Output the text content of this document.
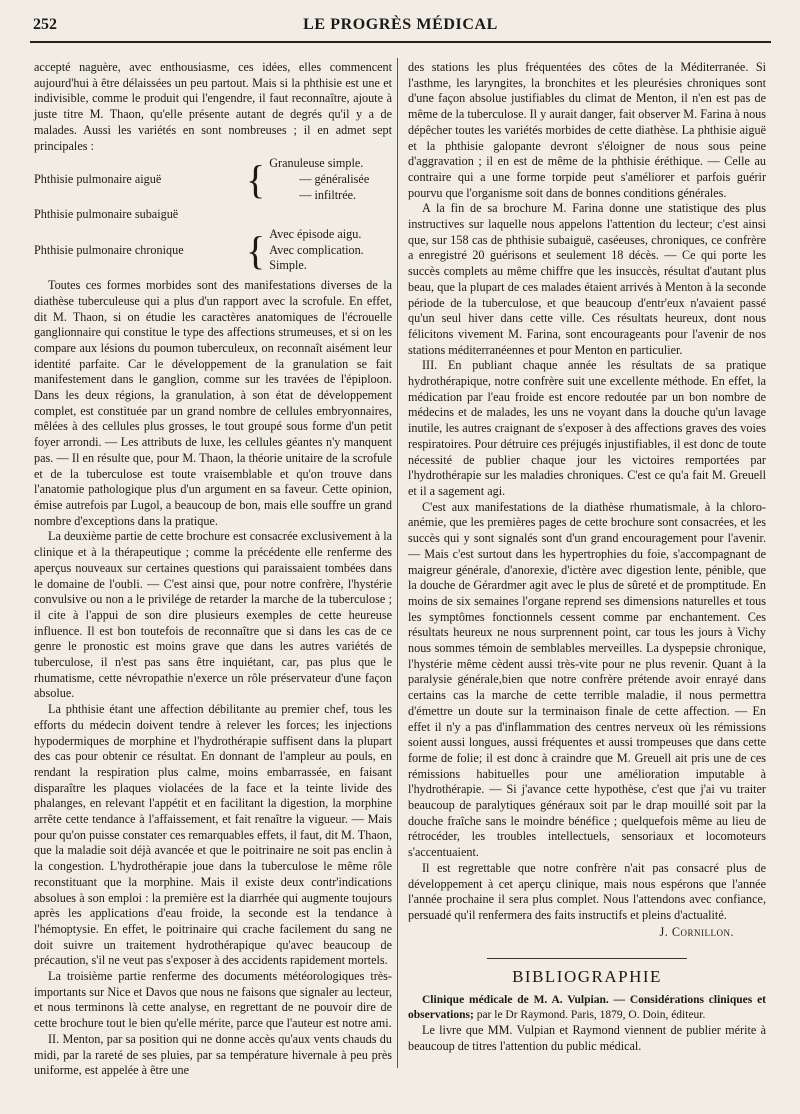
252	LE PROGRÈS MÉDICAL

accepté naguère, avec enthousiasme, ces idées, elles commencent aujourd'hui à être délaissées un peu partout. Mais si la phthisie est une et indivisible, comme le produit qui l'engendre, il faut reconnaître, ajoute à juste titre M. Thaon, qu'elle présente autant de degrés qu'il y a de malades. Aussi les variétés en sont nombreuses ; il en admet sept principales :

Phthisie pulmonaire aiguë	{ Granuleuse simple.
— généralisée
— infiltrée.
Phthisie pulmonaire subaiguë
Phthisie pulmonaire chronique	{ Avec épisode aigu.
Avec complication.
Simple.

Toutes ces formes morbides sont des manifestations diverses de la diathèse tuberculeuse qui a plus d'un rapport avec la scrofule. En effet, dit M. Thaon, si on étudie les caractères anatomiques de l'écrouelle ganglionnaire qui constitue le type des affections strumeuses, et si on les compare aux lésions du poumon tuberculeux, on reconnaît aisément leur identité parfaite. Car le développement de la granulation se fait manifestement dans le ganglion, comme sur les travées de l'épiploon. Dans les deux régions, la granulation, à son état de développement complet, est constituée par un grand nombre de cellules embryonnaires, mêlées à des cellules plus grosses, le tout groupé sous forme d'un petit foyer arrondi. — Les attributs de luxe, les cellules géantes n'y manquent pas. — Il en résulte que, pour M. Thaon, la théorie unitaire de la scrofule et de la tuberculose est toute vraisemblable et qu'on trouve dans l'anatomie pathologique plus d'un argument en sa faveur. Cette opinion, émise autrefois par Lugol, a beaucoup de bon, mais elle souffre un grand nombre d'exceptions dans la pratique.

La deuxième partie de cette brochure est consacrée exclusivement à la clinique et à la thérapeutique ; comme la précédente elle renferme des aperçus nouveaux sur certaines questions qui paraissaient tombées dans le domaine de l'oubli. — C'est ainsi que, pour notre confrère, l'hystérie convulsive ou non a le privilége de retarder la marche de la tuberculose ; il cite à l'appui de son dire plusieurs exemples de cette heureuse influence. Il est bon toutefois de reconnaître que si dans les cas de ce genre le pronostic est moins grave que dans les autres variétés de tuberculose, il n'est pas sans être inquiétant, car, pas plus que le rhumatisme, cette névropathie n'exerce un rôle préservateur d'une façon absolue.

La phthisie étant une affection débilitante au premier chef, tous les efforts du médecin doivent tendre à relever les forces; les injections hypodermiques de morphine et l'hydrothérapie suffisent dans la plupart des cas pour obtenir ce résultat. En donnant de l'ampleur au pouls, en rendant la respiration plus calme, moins embarrassée, en faisant disparaître les plaques violacées de la face et la teinte livide des phalanges, en relevant l'appétit et en facilitant la digestion, la morphine arrête cette tendance à l'affaissement, et fait renaître la vigueur. — Mais pour qu'on puisse constater ces remarquables effets, il faut, dit M. Thaon, que la maladie soit déjà avancée et que le poitrinaire ne soit pas enclin à la congestion. L'hydrothérapie joue dans la tuberculose le même rôle reconstituant que la morphine. Mais il existe deux contr'indications absolues à son emploi : la première est la diarrhée qui augmente toujours après les applications d'eau froide, la seconde est la tendance à l'hémoptysie. En effet, le poitrinaire qui crache facilement du sang ne doit suivre un traitement hydrothérapique qu'avec beaucoup de précaution, s'il ne veut pas s'exposer à des accidents rapidement mortels.

La troisième partie renferme des documents météorologiques très-importants sur Nice et Davos que nous ne faisons que signaler au lecteur, et nous terminons là cette analyse, en regrettant de ne pouvoir dire de cette brochure tout le bien qu'elle mérite, parce que l'auteur est notre ami.

II. Menton, par sa position qui ne donne accès qu'aux vents chauds du midi, par la rareté de ses pluies, par sa température hivernale à peu près uniforme, est appelée à être une

des stations les plus fréquentées des côtes de la Méditerranée. Si l'asthme, les laryngites, la bronchites et les pleurésies chroniques sont d'une façon absolue justifiables du climat de Menton, il n'en est pas de même de la tuberculose. Il y aurait danger, fait observer M. Farina à nous dépêcher toutes les variétés morbides de cette diathèse. La phthisie aiguë et la phthisie galopante devront s'éloigner de nous sous peine d'aggravation ; il en est de même de la phthisie éréthique. — Celle au contraire qui a une forme torpide peut s'améliorer et parfois guérir pourvu que l'organisme soit dans de bonnes conditions générales.

A la fin de sa brochure M. Farina donne une statistique des plus instructives sur laquelle nous appelons l'attention du lecteur; c'est ainsi que, sur 158 cas de phthisie subaiguë, caséeuses, chroniques, ce confrère a enregistré 20 guérisons et seulement 18 décès. — Ce qui porte les succès complets au même chiffre que les insuccès, résultat d'autant plus beau, que la plupart de ces malades étaient arrivés à Menton à la seconde période de la tuberculose, et que beaucoup d'entr'eux n'avaient passé qu'un seul hiver dans cette ville. Ces résultats heureux, dont nous félicitons vivement M. Farina, sont encourageants pour l'avenir de nos stations méditerranéennes et pour Menton en particulier.

III. En publiant chaque année les résultats de sa pratique hydrothérapique, notre confrère suit une excellente méthode. En effet, la médication par l'eau froide est encore redoutée par un bon nombre de médecins et de malades, les uns ne voyant dans la douche qu'un lavage inutile, les autres craignant de s'exposer à des affections graves des voies respiratoires. Pour détruire ces préjugés injustifiables, il est donc de toute nécessité de publier chaque jour les victoires remportées par l'hydrothérapie sur les maladies chroniques. C'est ce qu'a fait M. Greuell et il a sagement agi.

C'est aux manifestations de la diathèse rhumatismale, à la chloro-anémie, que les premières pages de cette brochure sont consacrées, et les succès qui y sont signalés sont d'un grand encouragement pour l'avenir. — Mais c'est surtout dans les hypertrophies du foie, s'accompagnant de maigreur générale, d'anorexie, d'ictère avec digestion lente, pénible, que la douche de Gérardmer agit avec le plus de sûreté et de promptitude. En moins de six semaines l'organe reprend ses dimensions naturelles et tous les symptômes fonctionnels cessent comme par enchantement. Ces résultats heureux ne nous surprennent point, car tous les jours à Vichy nous sommes témoin de semblables merveilles. La dyspepsie chronique, l'hystérie même cèdent aussi très-vite pour ne plus revenir. Quant à la paralysie générale,bien que notre confrère prétende avoir enrayé dans certains cas la marche de cette terrible maladie, il nous permettra d'émettre un doute sur la terminaison finale de cette affection. — En effet il n'y a pas d'inflammation des centres nerveux où les rémissions soient aussi longues, aussi fréquentes et aussi trompeuses que dans cette forme de folie; il est donc à craindre que M. Greuell ait pris une de ces rémissions habituelles pour une amélioration imputable à l'hydrothérapie. — Si j'avance cette hypothèse, c'est que j'ai vu traiter beaucoup de paralytiques généraux soit par le drap mouillé soit par la douche fraîche sans le moindre bénéfice ; quelquefois même au lieu de rétrocéder, les troubles intellectuels, sensoriaux et locomoteurs s'accentuaient.

Il est regrettable que notre confrère n'ait pas consacré plus de développement à cet aperçu clinique, mais nous espérons que l'année l'année prochaine il sera plus complet. Nous l'attendons avec confiance, persuadé qu'il renfermera des faits instructifs et pleins d'actualité.

J. Cornillon.
BIBLIOGRAPHIE

Clinique médicale de M. A. Vulpian. — Considérations cliniques et observations; par le Dr Raymond. Paris, 1879, O. Doin, éditeur.

Le livre que MM. Vulpian et Raymond viennent de publier mérite à beaucoup de titres l'attention du public médical.
